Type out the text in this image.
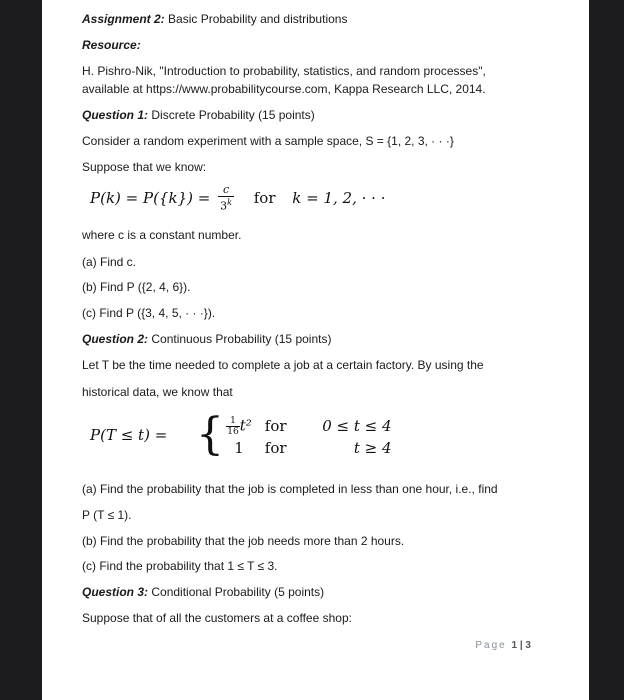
Assignment 2: Basic Probability and distributions

Resource:

H. Pishro-Nik, "Introduction to probability, statistics, and random processes",

available at https://www.probabilitycourse.com, Kappa Research LLC, 2014.

Question 1: Discrete Probability (15 points)

Consider a random experiment with a sample space, S = {1, 2, 3, · · ·}

Suppose that we know:

$P(k) = P(\{k\}) = \frac{c}{3^k}$ for k = 1, 2, · · ·

where c is a constant number.

(a) Find c.

(b) Find P ({2, 4, 6}).

(c) Find P ({3, 4, 5, · · ·}).

Question 2: Continuous Probability (15 points)

Let T be the time needed to complete a job at a certain factory. By using the

historical data, we know that

P(T ≤ t) = { $\frac{1}{16} t^2$ for 0 ≤ t ≤ 4
1 for	t ≥ 4

(a) Find the probability that the job is completed in less than one hour, i.e., find

P (T ≤ 1).

(b) Find the probability that the job needs more than 2 hours.

(c) Find the probability that 1 ≤ T ≤ 3.

Question 3: Conditional Probability (5 points)

Suppose that of all the customers at a coffee shop:

Page 1 | 3
